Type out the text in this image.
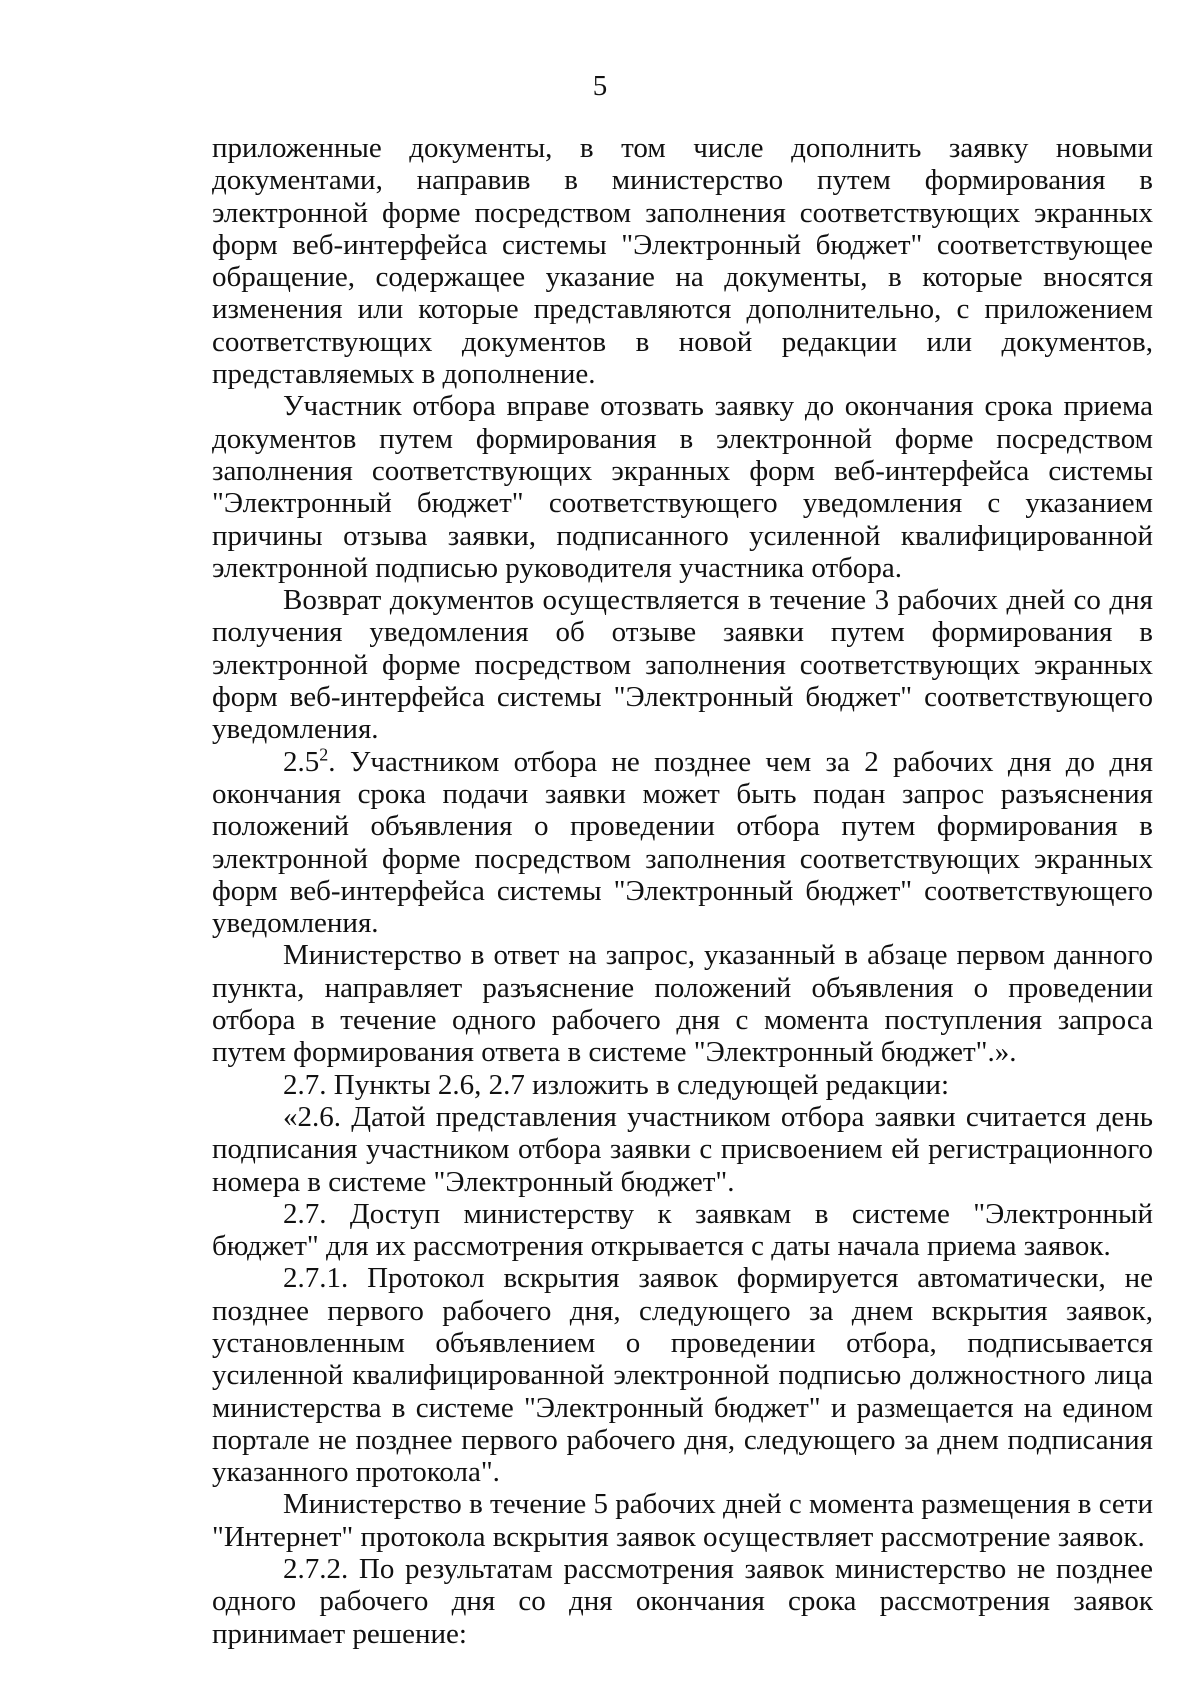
5

приложенные документы, в том числе дополнить заявку новыми документами, направив в министерство путем формирования в электронной форме посредством заполнения соответствующих экранных форм веб-интерфейса системы "Электронный бюджет" соответствующее обращение, содержащее указание на документы, в которые вносятся изменения или которые представляются дополнительно, с приложением соответствующих документов в новой редакции или документов, представляемых в дополнение.

Участник отбора вправе отозвать заявку до окончания срока приема документов путем формирования в электронной форме посредством заполнения соответствующих экранных форм веб-интерфейса системы "Электронный бюджет" соответствующего уведомления с указанием причины отзыва заявки, подписанного усиленной квалифицированной электронной подписью руководителя участника отбора.

Возврат документов осуществляется в течение 3 рабочих дней со дня получения уведомления об отзыве заявки путем формирования в электронной форме посредством заполнения соответствующих экранных форм веб-интерфейса системы "Электронный бюджет" соответствующего уведомления.

$2.5^2$. Участником отбора не позднее чем за 2 рабочих дня до дня окончания срока подачи заявки может быть подан запрос разъяснения положений объявления о проведении отбора путем формирования в электронной форме посредством заполнения соответствующих экранных форм веб-интерфейса системы "Электронный бюджет" соответствующего уведомления.

Министерство в ответ на запрос, указанный в абзаце первом данного пункта, направляет разъяснение положений объявления о проведении отбора в течение одного рабочего дня с момента поступления запроса путем формирования ответа в системе "Электронный бюджет".».

2.7. Пункты 2.6, 2.7 изложить в следующей редакции:

«2.6. Датой представления участником отбора заявки считается день подписания участником отбора заявки с присвоением ей регистрационного номера в системе "Электронный бюджет".

2.7. Доступ министерству к заявкам в системе "Электронный бюджет" для их рассмотрения открывается с даты начала приема заявок.

2.7.1. Протокол вскрытия заявок формируется автоматически, не позднее первого рабочего дня, следующего за днем вскрытия заявок, установленным объявлением о проведении отбора, подписывается усиленной квалифицированной электронной подписью должностного лица министерства в системе "Электронный бюджет" и размещается на едином портале не позднее первого рабочего дня, следующего за днем подписания указанного протокола".

Министерство в течение 5 рабочих дней с момента размещения в сети "Интернет" протокола вскрытия заявок осуществляет рассмотрение заявок.

2.7.2. По результатам рассмотрения заявок министерство не позднее одного рабочего дня со дня окончания срока рассмотрения заявок принимает решение:
